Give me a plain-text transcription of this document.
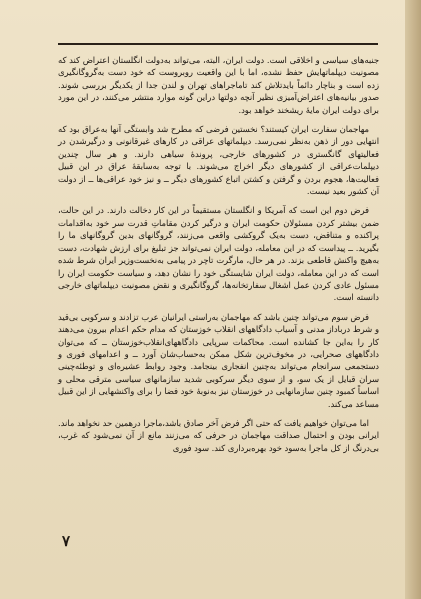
جنبه‌های سیاسی و اخلاقی است. دولت ایران، البته، می‌تواند به‌دولت انگلستان اعتراض کند که مصونیت دیپلماتهایش حفظ نشده، اما با این واقعیت روبروست که خود دست به‌گروگانگیری زده است و بناچار دائماً بایدتلاش کند تاماجراهای تهران و لندن جدا از یکدیگر بررسی شوند. صدور بیانیه‌های اعتراض‌آمیزی نظیر آنچه دولتها دراین گونه موارد منتشر می‌کنند، در این مورد برای دولت ایران مایهٔ ریشخند خواهد بود.

مهاجمان سفارت ایران کیستند؟ نخستین فرضی که مطرح شد وابستگی آنها به‌عراق بود که انتهایی دور از ذهن به‌نظر نمی‌رسد. دیپلماتهای عراقی در کارهای غیرقانونی و درگیرشدن در فعالیتهای گانگستری در کشورهای خارجی، پروندهٔ سیاهی دارند. و هر سال چندین دیپلمات‌عراقی از کشورهای دیگر اخراج می‌شوند. با توجه به‌سابقهٔ عراق در این قبیل فعالیت‌ها، هجوم بردن و گرفتن و کشتن اتباع کشورهای دیگر ــ و نیز خود عراقی‌ها ــ از دولت آن کشور بعید نیست.

فرض دوم این است که آمریکا و انگلستان مستقیماً در این کار دخالت دارند. در این حالت، ضمن بیشتر کردن مسئولان حکومت ایران و درگیر کردن مقاماتِ قدرت سر خود به‌اقدامات پراکنده و متناقض، دست به‌یک گروکشی واقعی می‌زنند، گروگانهای بدین گروگانهای ما را بگیرید. ــ پیداست که در این معامله، دولت ایران نمی‌تواند جز تبلیغ برای ارزش شهادت، دست به‌هیچ واکنش قاطعی بزند. در هر حال، مارگرت تاچر در پیامی به‌نخست‌وزیر ایران شرط شده است که در این معامله، دولت ایران شایستگی خود را نشان دهد، و سیاست حکومت ایران را مسئول عادی کردن عمل اشغال سفارتخانه‌ها، گروگانگیری و نقض مصونیت دیپلماتهای خارجی دانسته است.

فرض سوم می‌تواند چنین باشد که مهاجمان به‌راستی ایرانیان عرب تزادند و سرکوبی بی‌قید و شرط درباداز مدنی و آسیاب دادگاههای انقلاب خوزستان که مدام حکم اعدام بیرون می‌دهند کار را به‌این جا کشانده است. محاکمات سرپایی دادگاههای‌انقلاب‌خوزستان ــ که می‌توان دادگاههای صحرایی، در مخوف‌ترین شکل ممکن به‌حساب‌شان آورد ــ و اعدامهای فوری و دستجمعی سرانجام می‌تواند به‌چنین انفجاری بینجامد. وجود روابط عشیره‌ای و توطئه‌چینی سران قبایل از یک سو، و از سوی دیگر سرکوبی شدید سازمانهای سیاسی مترقی محلی و اساساً کمبود چنین سازمانهایی در خوزستان نیز به‌نوبهٔ خود فضا را برای واکنشهایی از این قبیل مساعد می‌کند.

اما می‌توان خواهیم یافت که حتی اگر فرض آخر صادق باشد،ماجرا درهمین حد نخواهد ماند. ایرانی بودن و احتمال صداقت مهاجمان در حرفی که می‌زنند مانع از آن نمی‌شود که غرب، بی‌درنگ از کل ماجرا به‌سود خود بهره‌برداری کند. سود فوری

۷
